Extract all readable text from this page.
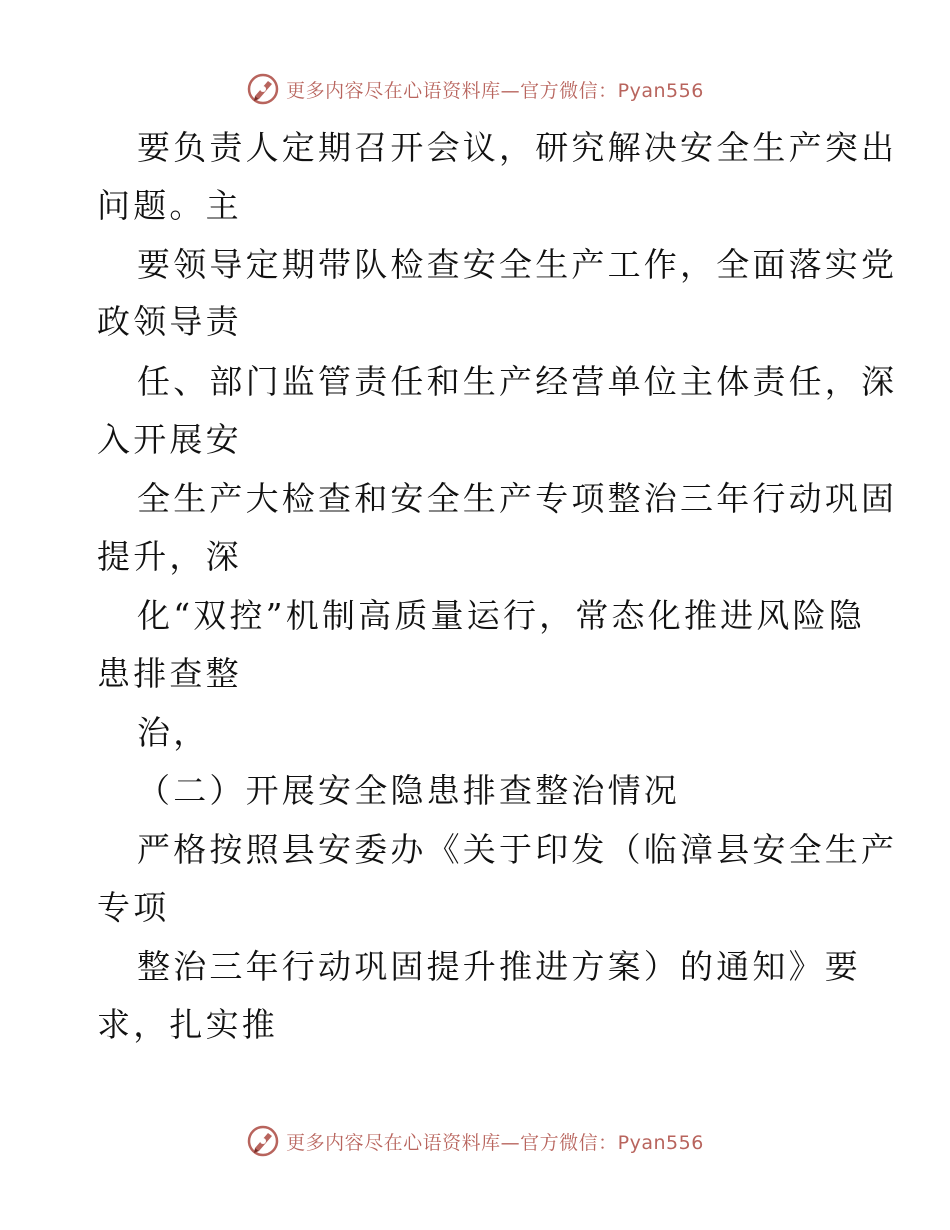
更多内容尽在心语资料库—官方微信：Pyan556
要负责人定期召开会议，研究解决安全生产突出
问题。主
要领导定期带队检查安全生产工作，全面落实党
政领导责
任、部门监管责任和生产经营单位主体责任，深
入开展安
全生产大检查和安全生产专项整治三年行动巩固
提升，深
化“双控”机制高质量运行，常态化推进风险隐
患排查整
治，
（二）开展安全隐患排查整治情况
严格按照县安委办《关于印发（临漳县安全生产
专项
整治三年行动巩固提升推进方案）的通知》要
求，扎实推
更多内容尽在心语资料库—官方微信：Pyan556
